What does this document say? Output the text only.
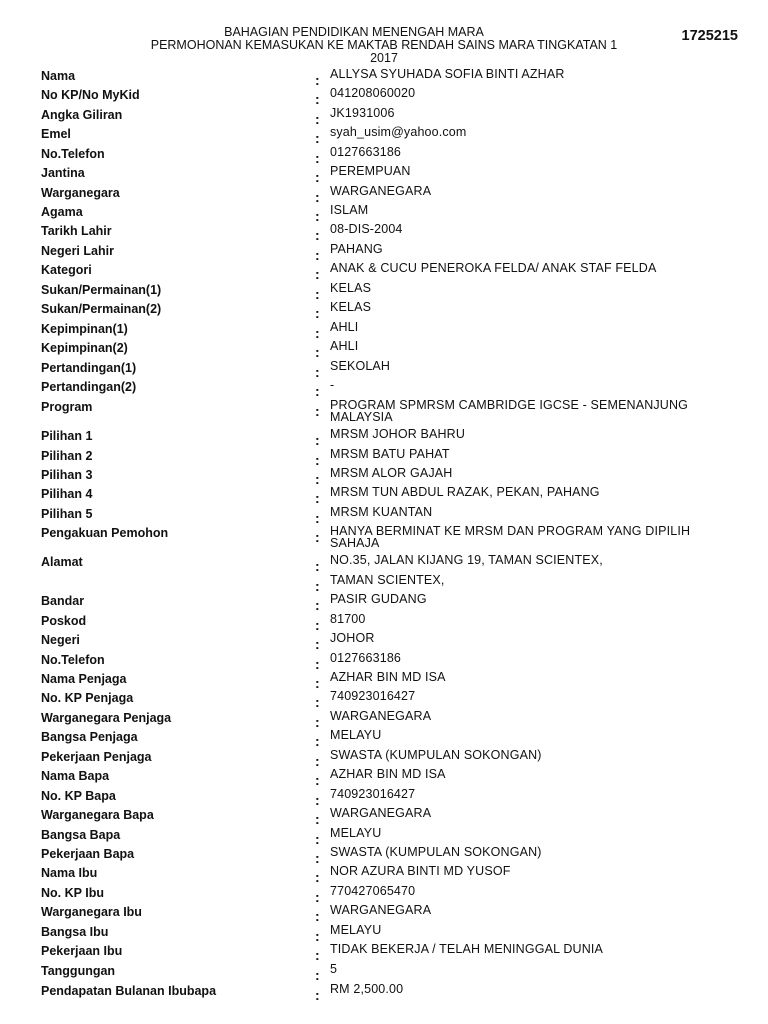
BAHAGIAN PENDIDIKAN MENENGAH MARA
PERMOHONAN KEMASUKAN KE MAKTAB RENDAH SAINS MARA TINGKATAN 1
2017
1725215
Nama	: ALLYSA SYUHADA SOFIA BINTI AZHAR
No KP/No MyKid	: 041208060020
Angka Giliran	: JK1931006
Emel	: syah_usim@yahoo.com
No.Telefon	: 0127663186
Jantina	: PEREMPUAN
Warganegara	: WARGANEGARA
Agama	: ISLAM
Tarikh Lahir	: 08-DIS-2004
Negeri Lahir	: PAHANG
Kategori	: ANAK & CUCU PENEROKA FELDA/ ANAK STAF FELDA
Sukan/Permainan(1)	: KELAS
Sukan/Permainan(2)	: KELAS
Kepimpinan(1)	: AHLI
Kepimpinan(2)	: AHLI
Pertandingan(1)	: SEKOLAH
Pertandingan(2)	: -
Program	: PROGRAM SPMRSM CAMBRIDGE IGCSE - SEMENANJUNG MALAYSIA
Pilihan 1	: MRSM JOHOR BAHRU
Pilihan 2	: MRSM BATU PAHAT
Pilihan 3	: MRSM ALOR GAJAH
Pilihan 4	: MRSM TUN ABDUL RAZAK, PEKAN, PAHANG
Pilihan 5	: MRSM KUANTAN
Pengakuan Pemohon	: HANYA BERMINAT KE MRSM DAN PROGRAM YANG DIPILIH SAHAJA
Alamat	: NO.35, JALAN KIJANG 19, TAMAN SCIENTEX,
: TAMAN SCIENTEX,
Bandar	: PASIR GUDANG
Poskod	: 81700
Negeri	: JOHOR
No.Telefon	: 0127663186
Nama Penjaga	: AZHAR BIN MD ISA
No. KP Penjaga	: 740923016427
Warganegara Penjaga	: WARGANEGARA
Bangsa Penjaga	: MELAYU
Pekerjaan Penjaga	: SWASTA (KUMPULAN SOKONGAN)
Nama Bapa	: AZHAR BIN MD ISA
No. KP Bapa	: 740923016427
Warganegara Bapa	: WARGANEGARA
Bangsa Bapa	: MELAYU
Pekerjaan Bapa	: SWASTA (KUMPULAN SOKONGAN)
Nama Ibu	: NOR AZURA BINTI MD YUSOF
No. KP Ibu	: 770427065470
Warganegara Ibu	: WARGANEGARA
Bangsa Ibu	: MELAYU
Pekerjaan Ibu	: TIDAK BEKERJA / TELAH MENINGGAL DUNIA
Tanggungan	: 5
Pendapatan Bulanan Ibubapa	: RM 2,500.00
